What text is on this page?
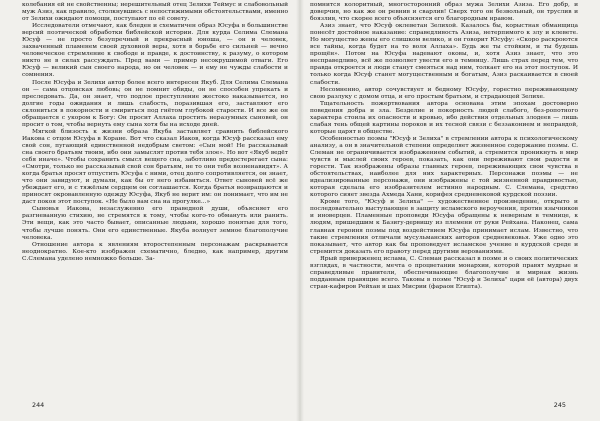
колебания ей не свойственны; нерешительный отец Зелихи Теймус и слабовольный муж Азиз, как правило, столкнувшись с непостижимыми обстоятельствами, именно от Зелихи ожидают помощи, поступают по её совету.

Исследователи отмечают, как бледен и схематичен образ Юсуфа в большинстве версий поэтической обработки библейской истории. Для курда Селима Слемана Юсуф — не просто безупречный и прекрасный юноша, — он и человек, захваченный пламенем своей духовной веры, хотя в борьбе его сильней — вечно человеческое стремление к свободе и правде, к достоинству, к разуму, о котором никто не в силах рассуждать. Пред вами — пример несокрушимой отваги. Его Юсуф — великий сын своего народа, но он человек — и ему не чужды слабости и сомнения.

После Юсуфа и Зелихи автор более всего интересен Якуб. Для Селима Слемана он — сама отцовская любовь; он не помнит обиды, он не способен упрекать и преследовать. Да, он знает, что подлое преступление жестоко наказывается, но долгие годы ожидания и лишь слабость, поразившая его, заставляют его склониться в покорности и смириться под гнётом глубокой старости. И все же он обращается с укором к Богу: Он просит Аллаха простить неразумных сыновей, он просит о том, чтобы вернуть ему сына хотя бы на исходе дней.

Мягкой близость к жизни образа Якуба заставляет сравнить библейского Иакова с отцом Юсуфа в Коране. Вот что сказал Иаков, когда Юсуф рассказал ему свой сон, пугающий единственной недобрым светом: «Сын мой! Не рассказывай сна своего братьям твоим, ибо они замыслят против тебя злое». Но вот «Якуб ведёт себя иначе». Чтобы сохранить смысл вещего сна, заботливо предостерегает сына: «Смотри, только не рассказывай свой сон братьям, не то они тебя возненавидят». А когда братья просят отпустить Юсуфа с ними, отец долго сопротивляется, он знает, что они завидуют, и думали, как бы от него избавиться. Ответ сыновей всё же убеждает его, и с тяжёлым сердцем он соглашается. Когда братья возвращаются и приносят окровавленную одежду Юсуфа, Якуб не верит им: он понимает, что им не даст покоя этот поступок. «Не было вам сна на прогулке...»

Сыновья Иакова, незаслуженно его праведной души, объясняет его разгневанную стихию, не стремятся к тому, чтобы кого-то обмануть или ранить. Эти вещи, как это часто бывает, описанные людьми, хорошо понятые для того, чтобы лучше понять. Они его единственные. Якуба волнует земное благополучие человека.

Отношение автора к явлениям второстепенным персонажам раскрывается неоднократно. Кое-кто изображен схематично, бледно, как например, другим С.Слемана уделено немножко больше. За-

244

помнится колоритный, многосторонний образ мужа Зелихи Азиза. Его добр, и доверчив, но как же он ревнив и сварлив! Сверх того он безвольный, он труслив и боязлив, что скорее всего объясняется его благородным нравом.

Азиз знает, что Юсуф оклеветан Зелихой. Казалось бы, корыстная обманщица понесёт достойное наказание: справедливость Азиза, нетерпимого к злу и клевете. Но могущество жены его слишком велико, и он говорит Юсуфу: «Скоро раскроются все тайны, когда будет на то воля Аллаха». Будь же ты стойким, и ты будешь прощён». Потом на Юсуфа надевают оковы, и, хотя Азиз знает, что это несправедливо, всё же позволяет увести его в темницу. Лишь страх перед тем, что правда откроется и люди станут смеяться над ним, толкает его на этот поступок. И только когда Юсуф станет могущественным и богатым, Азиз раскаивается в своей слабости.

Несомненно, автор сочувствует и бедному Юсуфу, горестно переживающему свою разлуку с домом отца, и его простым братьям, и страдающей Зелихе.

Тщательность пожертвования автора основана этим эпохам достоверно поведения добра и зла. Безделие и покорность людей слабого, без-ропотного характера стоила их опасности и кровью, ибо действия отдельных злодеев — лишь слабая тень общей картины пороков и их тесной связи с беззаконием и неправдой, которые царят в обществе.

Особенностью поэмы "Юсуф и Зелиха" в стремлении автора к психологическому анализу, а он в значительной степени определяет жизненное содержание поэмы. С. Слеман не ограничивается изображением событий, а стремится проникнуть в мир чувств и мыслей своих героев, показать, как они переживают свои радости и горести. Так изображены образы главных героев, переживающих свои чувства в обстоятельствах, наиболее для них характерных. Персонажи поэмы — не идеализированные персонажи, они изображены с той жизненной правдивостью, которая сделала его изобразителем истинно народным. С. Слемана, средство которого сияет звезда Ахмеда Хани, корифея средневековой курдской поэзии.

Кроме того, "Юсуф и Зелиха" — художественное произведение, открыто и последовательно выступающее в защиту исламского вероучения, против язычников и иноверцев. Пламенные проповеди Юсуфа обращены к неверным в темнице, к людям, пришедшим к Базигу-дервишу из племени от руки Рейхана. Наконец, сама главная героиня поэмы под воздействием Юсуфа принимает ислам. Известно, что такие стремления отличали мусульманских авторов средневековья. Уже одно это показывает, что автор как бы проповедует исламское учение в курдской среде и стремится доказать его правоту перед другими верованиями.

Ярый приверженец ислама, С. Слеман рассказал в поэме и о своих политических взглядах, в частности, мечта о процветании монархии, которой правят мудрые и справедливые правители, обеспечивающие благополучие и мирная жизнь подданным правящие всего. Таковы в поэме "Юсуф и Зелиха" цари её (автора) двух стран-кафиров Рейхан и шах Мисрии (фараон Египта).

245
